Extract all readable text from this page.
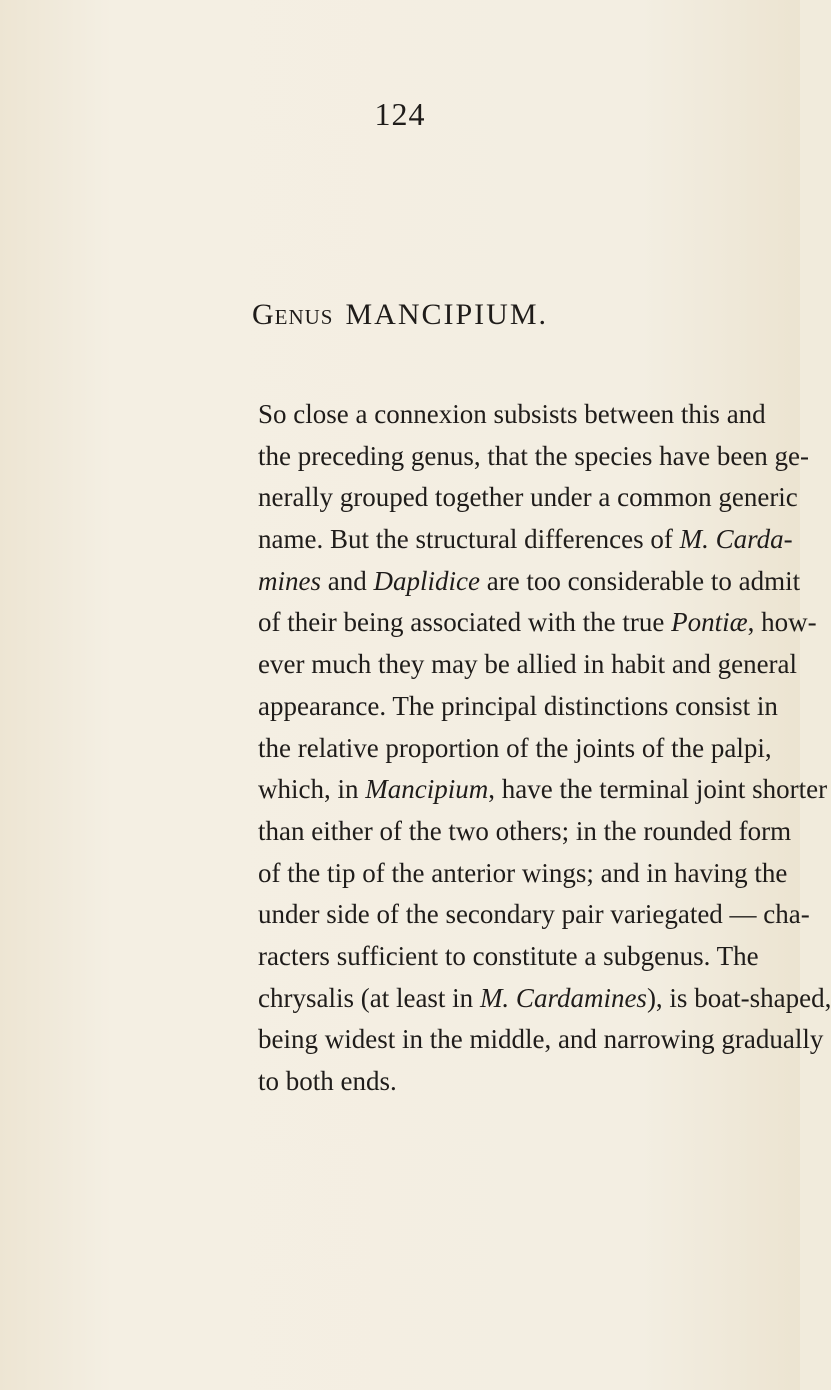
124
Genus MANCIPIUM.
So close a connexion subsists between this and
the preceding genus, that the species have been ge-
nerally grouped together under a common generic
name. But the structural differences of M. Carda-
mines and Daplidice are too considerable to admit
of their being associated with the true Pontiæ, how-
ever much they may be allied in habit and general
appearance. The principal distinctions consist in
the relative proportion of the joints of the palpi,
which, in Mancipium, have the terminal joint shorter
than either of the two others; in the rounded form
of the tip of the anterior wings; and in having the
under side of the secondary pair variegated — cha-
racters sufficient to constitute a subgenus. The
chrysalis (at least in M. Cardamines), is boat-shaped,
being widest in the middle, and narrowing gradually
to both ends.
